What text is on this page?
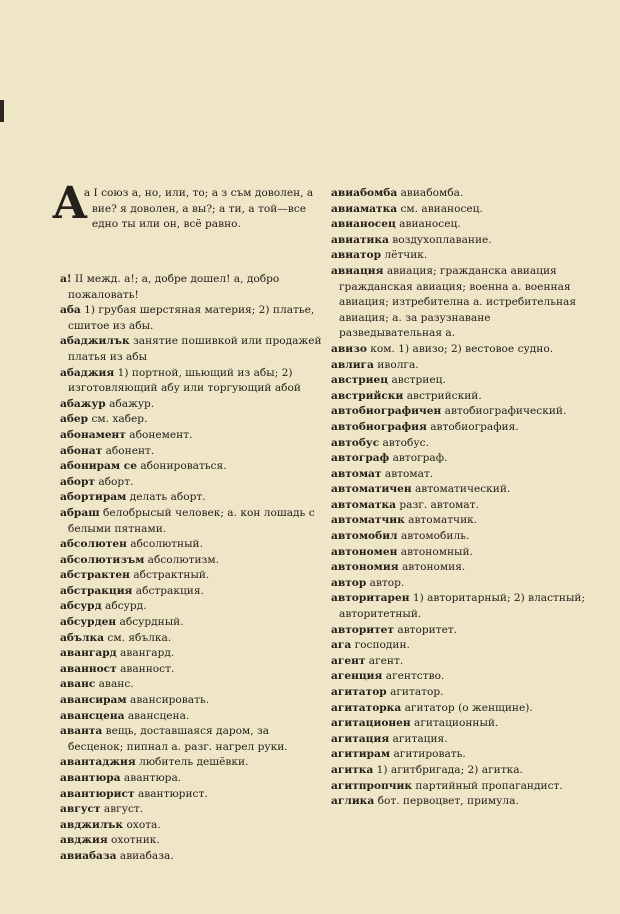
А
а I союз а, но, или, то; а з съм доволен, а вие? я доволен, а вы?; а ти, а той—все едно ты или он, всё равно.

а! II межд. а!; а, добре дошел! а, добро пожаловать!

аба 1) грубая шерстяная материя; 2) платье, сшитое из абы.

абаджилък занятие пошивкой или продажей платья из абы

абаджия 1) портной, шьющий из абы; 2) изготовляющий абу или торгующий абой

абажур абажур.

абер см. хабер.

абонамент абонемент.

абонат абонент.

абонирам се абонироваться.

аборт аборт.

абортирам делать аборт.

абраш белобрысый человек; а. кон лошадь с белыми пятнами.

абсолютен абсолютный.

абсолютизъм абсолютизм.

абстрактен абстрактный.

абстракция абстракция.

абсурд абсурд.

абсурден абсурдный.

абълка см. ябълка.

авангард авангард.

аванност аванност.

аванс аванс.

авансирам авансировать.

авансцена авансцена.

аванта вещь, доставшаяся даром, за бесценок; пипнал а. разг. нагрел руки.

авантаджия любитель дешёвки.

авантюра авантюра.

авантюрист авантюрист.

август август.

авджилък охота.

авджия охотник.

авиабаза авиабаза.

авиабомба авиабомба.

авиаматка см. авианосец.

авианосец авианосец.

авиатика воздухоплавание.

авиатор лётчик.

авиация авиация; гражданска авиация гражданская авиация; военна а. военная авиация; изтребителна а. истребительная авиация; а. за разузнаване разведывательная а.

авизо ком. 1) авизо; 2) вестовое судно.

авлига иволга.

австриец австриец.

австрийски австрийский.

автобиографичен автобиографический.

автобиография автобиография.

автобус автобус.

автограф автограф.

автомат автомат.

автоматичен автоматический.

автоматка разг. автомат.

автоматчик автоматчик.

автомобил автомобиль.

автономен автономный.

автономия автономия.

автор автор.

авторитарен 1) авторитарный; 2) властный; авторитетный.

авторитет авторитет.

ага господин.

агент агент.

агенция агентство.

агитатор агитатор.

агитаторка агитатор (о женщине).

агитационен агитационный.

агитация агитация.

агитирам агитировать.

агитка 1) агитбригада; 2) агитка.

агитпропчик партийный пропагандист.

аглика бот. первоцвет, примула.
